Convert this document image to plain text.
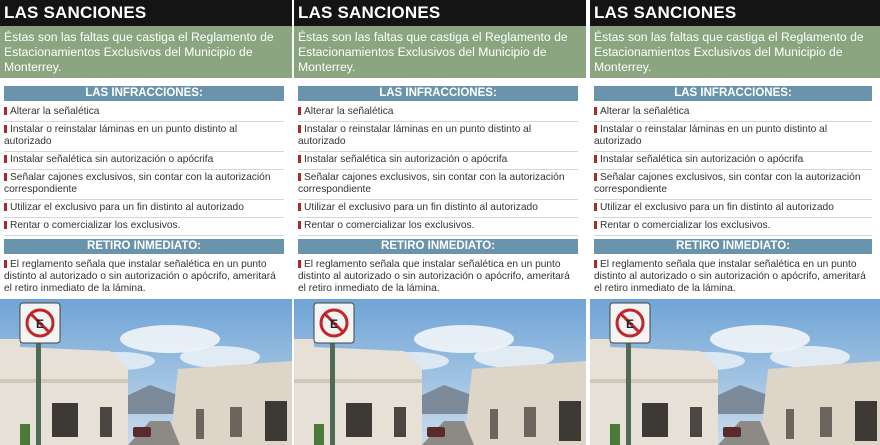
LAS SANCIONES
Éstas son las faltas que castiga el Reglamento de Estacionamientos Exclusivos del Municipio de Monterrey.
LAS INFRACCIONES:
Alterar la señalética
Instalar o reinstalar láminas en un punto distinto al autorizado
Instalar señalética sin autorización o apócrifa
Señalar cajones exclusivos, sin contar con la autorización correspondiente
Utilizar el exclusivo para un fin distinto al autorizado
Rentar o comercializar los exclusivos.
RETIRO INMEDIATO:
El reglamento señala que instalar señalética en un punto distinto al autorizado o sin autorización o apócrifo, ameritará el retiro inmediato de la lámina.
E
LAS SANCIONES
Éstas son las faltas que castiga el Reglamento de Estacionamientos Exclusivos del Municipio de Monterrey.
LAS INFRACCIONES:
Alterar la señalética
Instalar o reinstalar láminas en un punto distinto al autorizado
Instalar señalética sin autorización o apócrifa
Señalar cajones exclusivos, sin contar con la autorización correspondiente
Utilizar el exclusivo para un fin distinto al autorizado
Rentar o comercializar los exclusivos.
RETIRO INMEDIATO:
El reglamento señala que instalar señalética en un punto distinto al autorizado o sin autorización o apócrifo, ameritará el retiro inmediato de la lámina.
E
LAS SANCIONES
Éstas son las faltas que castiga el Reglamento de Estacionamientos Exclusivos del Municipio de Monterrey.
LAS INFRACCIONES:
Alterar la señalética
Instalar o reinstalar láminas en un punto distinto al autorizado
Instalar señalética sin autorización o apócrifa
Señalar cajones exclusivos, sin contar con la autorización correspondiente
Utilizar el exclusivo para un fin distinto al autorizado
Rentar o comercializar los exclusivos.
RETIRO INMEDIATO:
El reglamento señala que instalar señalética en un punto distinto al autorizado o sin autorización o apócrifo, ameritará el retiro inmediato de la lámina.
E
